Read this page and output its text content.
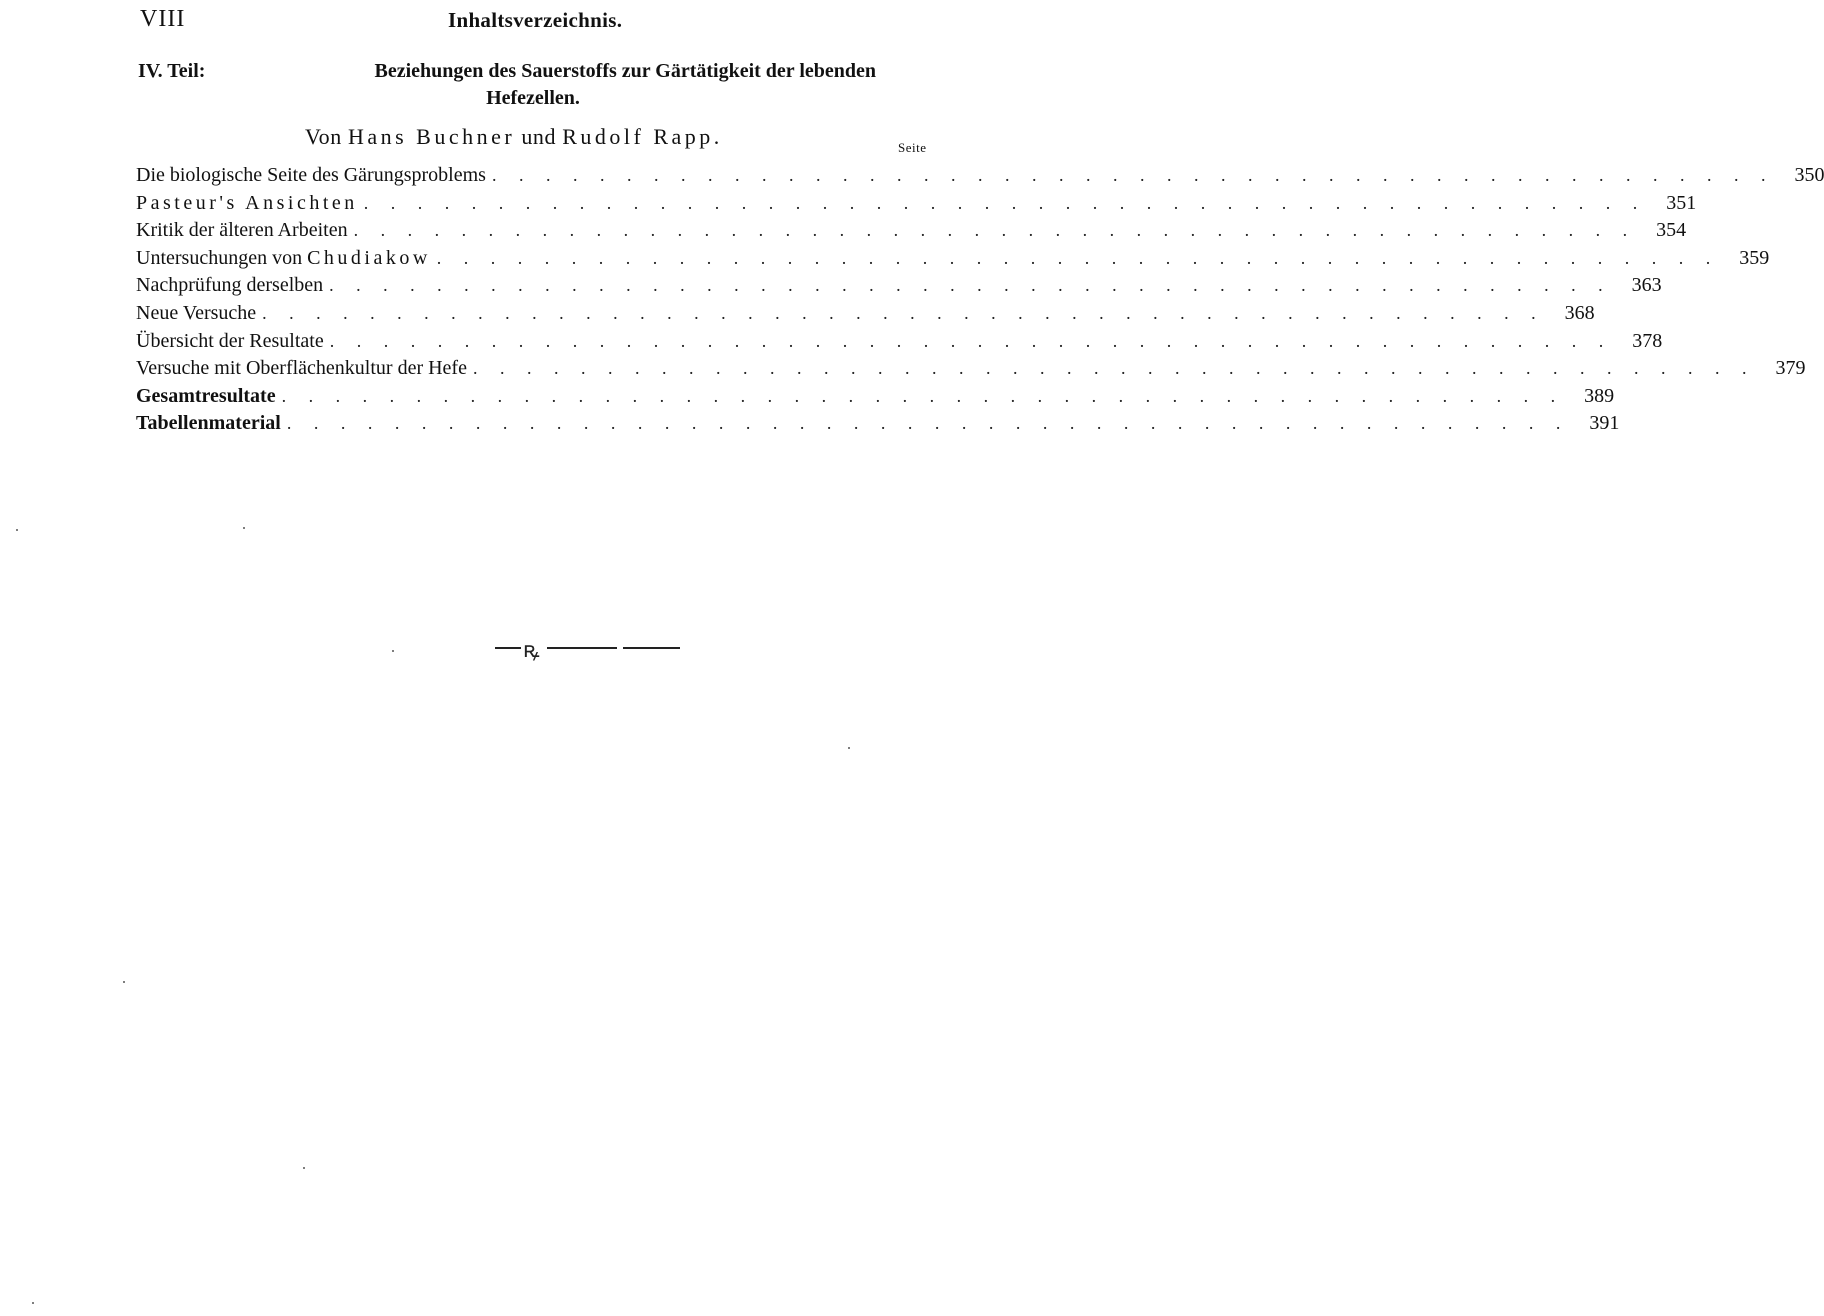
VIII	Inhaltsverzeichnis.
IV. Teil:	Beziehungen des Sauerstoffs zur Gärtätigkeit der lebenden
Hefezellen.
Von Hans Buchner und Rudolf Rapp.	Seite
Die biologische Seite des Gärungsproblems . . . . . . . . . . . . . . . . . . . . . . . . . . . . . . . . . . . . . . . . . . . . . . . .	350
Pasteur's Ansichten . . . . . . . . . . . . . . . . . . . . . . . . . . . . . . . . . . . . . . . . . . . . . . . .	351
Kritik der älteren Arbeiten . . . . . . . . . . . . . . . . . . . . . . . . . . . . . . . . . . . . . . . . . . . . . . . .	354
Untersuchungen von Chudiakow . . . . . . . . . . . . . . . . . . . . . . . . . . . . . . . . . . . . . . . . . . . . . . . .	359
Nachprüfung derselben . . . . . . . . . . . . . . . . . . . . . . . . . . . . . . . . . . . . . . . . . . . . . . . .	363
Neue Versuche . . . . . . . . . . . . . . . . . . . . . . . . . . . . . . . . . . . . . . . . . . . . . . . .	368
Übersicht der Resultate . . . . . . . . . . . . . . . . . . . . . . . . . . . . . . . . . . . . . . . . . . . . . . . .	378
Versuche mit Oberflächenkultur der Hefe . . . . . . . . . . . . . . . . . . . . . . . . . . . . . . . . . . . . . . . . . . . . . . . .	379
Gesamtresultate . . . . . . . . . . . . . . . . . . . . . . . . . . . . . . . . . . . . . . . . . . . . . . . .	389
Tabellenmaterial . . . . . . . . . . . . . . . . . . . . . . . . . . . . . . . . . . . . . . . . . . . . . . . .	391
ꝶ
